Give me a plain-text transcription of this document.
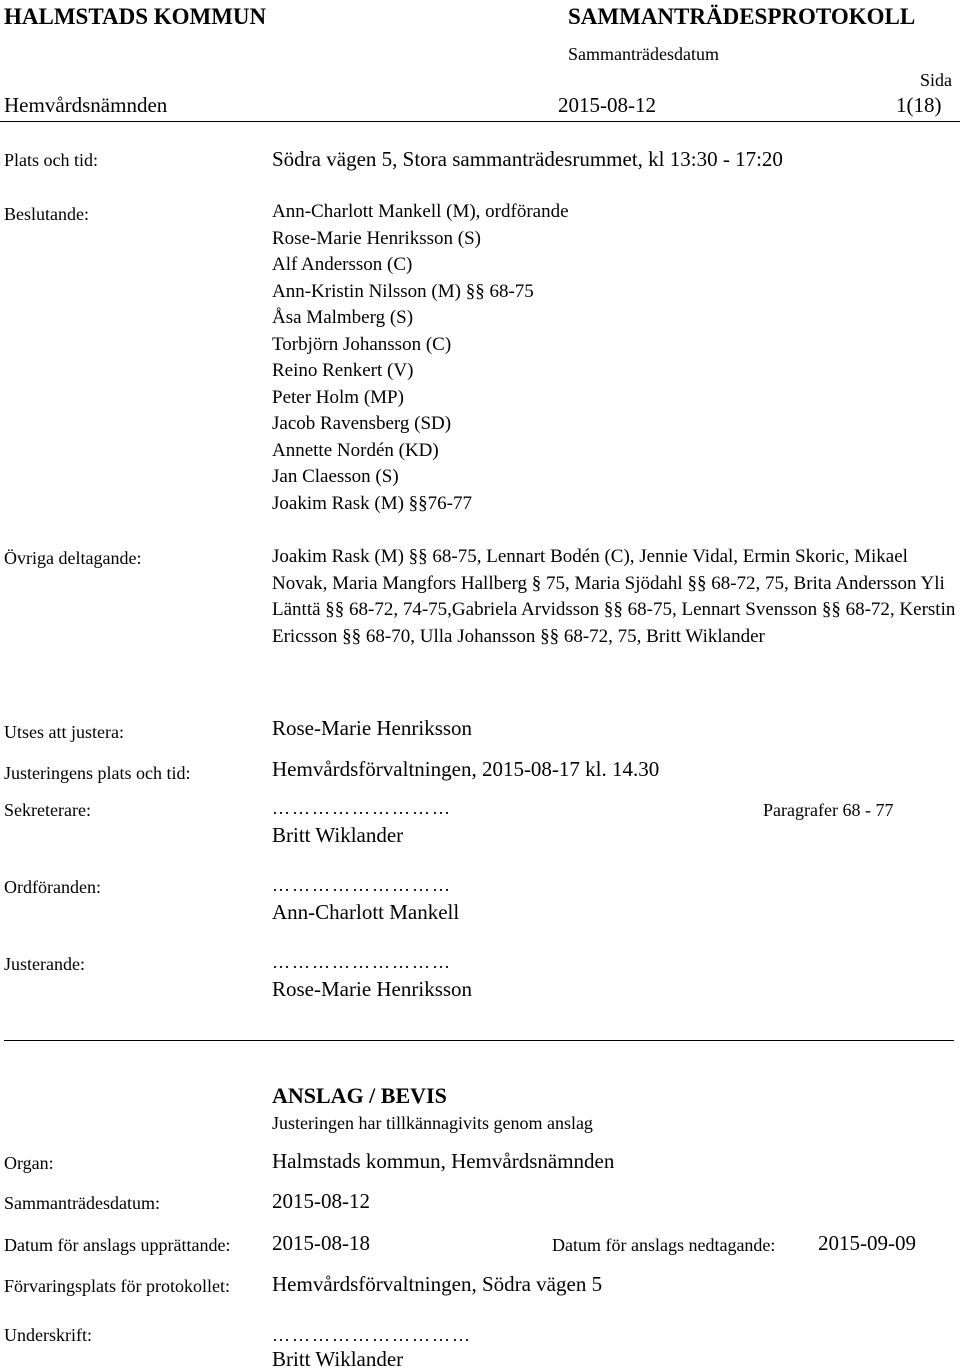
HALMSTADS KOMMUN	SAMMANTRÄDESPROTOKOLL
Sammanträdesdatum
Sida
Hemvårdsnämnden	2015-08-12	1(18)
Plats och tid:	Södra vägen 5, Stora sammanträdesrummet, kl 13:30 - 17:20
Beslutande:	Ann-Charlott Mankell (M), ordförande
Rose-Marie Henriksson (S)
Alf Andersson (C)
Ann-Kristin Nilsson (M) §§ 68-75
Åsa Malmberg (S)
Torbjörn Johansson (C)
Reino Renkert (V)
Peter Holm (MP)
Jacob Ravensberg (SD)
Annette Nordén (KD)
Jan Claesson (S)
Joakim Rask (M) §§76-77
Övriga deltagande:	Joakim Rask (M) §§ 68-75, Lennart Bodén (C), Jennie Vidal, Ermin Skoric, Mikael Novak, Maria Mangfors Hallberg § 75, Maria Sjödahl §§ 68-72, 75, Brita Andersson Yli Länttä §§ 68-72, 74-75,Gabriela Arvidsson §§ 68-75, Lennart Svensson §§ 68-72, Kerstin Ericsson §§ 68-70, Ulla Johansson §§ 68-72, 75, Britt Wiklander
Utses att justera:	Rose-Marie Henriksson
Justeringens plats och tid:	Hemvårdsförvaltningen, 2015-08-17 kl. 14.30
Sekreterare:	………………………	Paragrafer 68 - 77
Britt Wiklander
Ordföranden:	………………………
Ann-Charlott Mankell
Justerande:	………………………
Rose-Marie Henriksson
ANSLAG / BEVIS
Justeringen har tillkännagivits genom anslag
Organ:	Halmstads kommun, Hemvårdsnämnden
Sammanträdesdatum:	2015-08-12
Datum för anslags upprättande: 2015-08-18	Datum för anslags nedtagande: 2015-09-09
Förvaringsplats för protokollet: Hemvårdsförvaltningen, Södra vägen 5
Underskrift:	…………………………
Britt Wiklander
